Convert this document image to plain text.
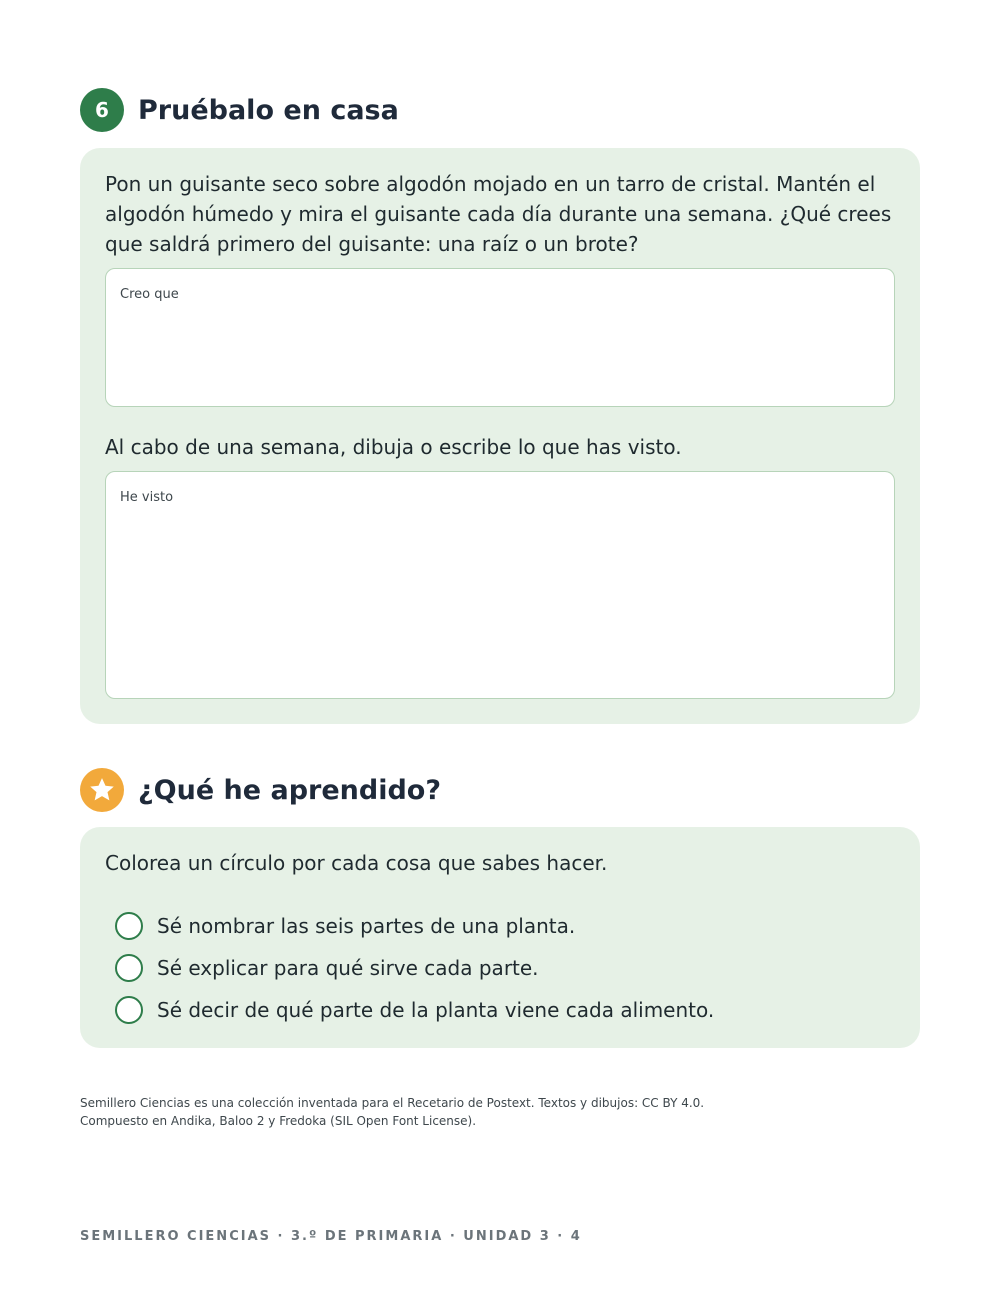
6 Pruébalo en casa

Pon un guisante seco sobre algodón mojado en un tarro de cristal. Mantén el algodón húmedo y mira el guisante cada día durante una semana. ¿Qué crees que saldrá primero del guisante: una raíz o un brote?

Creo que

Al cabo de una semana, dibuja o escribe lo que has visto.

He visto
¿Qué he aprendido?

Colorea un círculo por cada cosa que sabes hacer.

Sé nombrar las seis partes de una planta.
Sé explicar para qué sirve cada parte.
Sé decir de qué parte de la planta viene cada alimento.
Semillero Ciencias es una colección inventada para el Recetario de Postext. Textos y dibujos: CC BY 4.0.
Compuesto en Andika, Baloo 2 y Fredoka (SIL Open Font License).
SEMILLERO CIENCIAS · 3.º DE PRIMARIA · UNIDAD 3 · 4
